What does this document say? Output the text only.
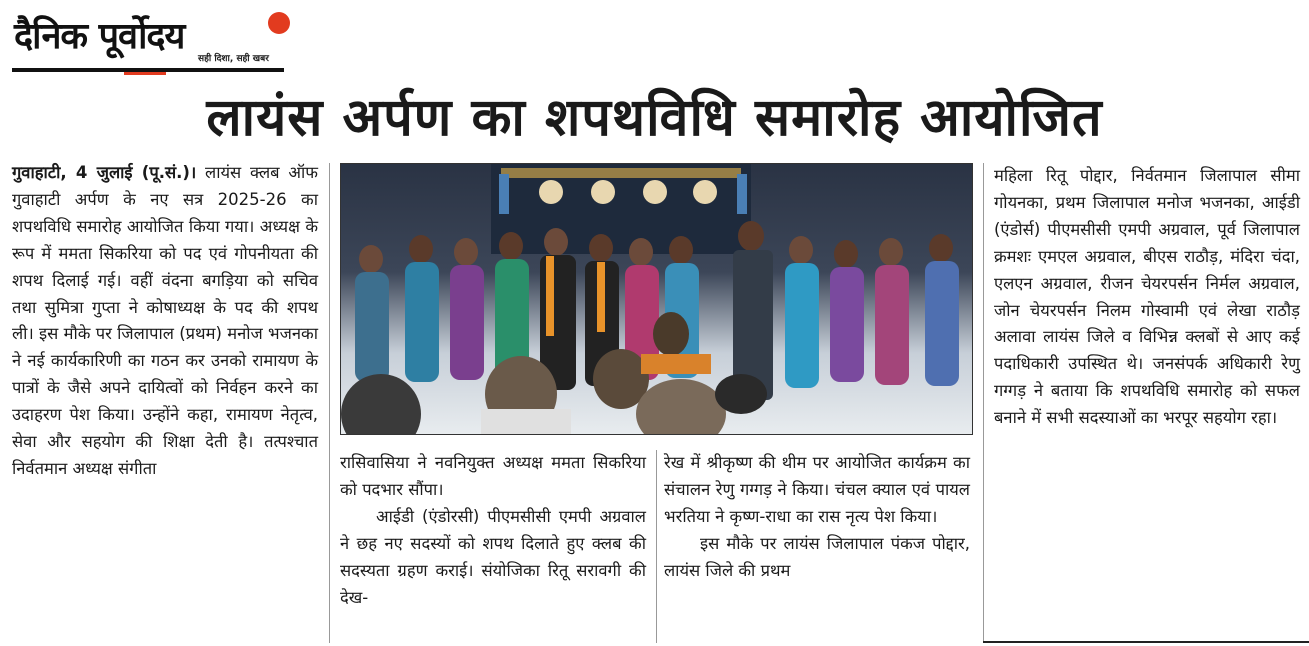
दैनिक पूर्वोदय
सही दिशा, सही खबर
लायंस अर्पण का शपथविधि समारोह आयोजित

गुवाहाटी, 4 जुलाई (पू.सं.)। लायंस क्लब ऑफ गुवाहाटी अर्पण के नए सत्र 2025-26 का शपथविधि समारोह आयोजित किया गया। अध्यक्ष के रूप में ममता सिकरिया को पद एवं गोपनीयता की शपथ दिलाई गई। वहीं वंदना बगड़िया को सचिव तथा सुमित्रा गुप्ता ने कोषाध्यक्ष के पद की शपथ ली। इस मौके पर जिलापाल (प्रथम) मनोज भजनका ने नई कार्यकारिणी का गठन कर उनको रामायण के पात्रों के जैसे अपने दायित्वों को निर्वहन करने का उदाहरण पेश किया। उन्होंने कहा, रामायण नेतृत्व, सेवा और सहयोग की शिक्षा देती है। तत्पश्चात निर्वतमान अध्यक्ष संगीता	रासिवासिया ने नवनियुक्त अध्यक्ष ममता सिकरिया को पदभार सौंपा।

आईडी (एंडोरसी) पीएमसीसी एमपी अग्रवाल ने छह नए सदस्यों को शपथ दिलाते हुए क्लब की सदस्यता ग्रहण कराई। संयोजिका रितू सरावगी की देख-

रेख में श्रीकृष्ण की थीम पर आयोजित कार्यक्रम का संचालन रेणु गग्गड़ ने किया। चंचल क्याल एवं पायल भरतिया ने कृष्ण-राधा का रास नृत्य पेश किया।

इस मौके पर लायंस जिलापाल पंकज पोद्दार, लायंस जिले की प्रथम

महिला रितू पोद्दार, निर्वतमान जिलापाल सीमा गोयनका, प्रथम जिलापाल मनोज भजनका, आईडी (एंडोर्स) पीएमसीसी एमपी अग्रवाल, पूर्व जिलापाल क्रमशः एमएल अग्रवाल, बीएस राठौड़, मंदिरा चंदा, एलएन अग्रवाल, रीजन चेयरपर्सन निर्मल अग्रवाल, जोन चेयरपर्सन निलम गोस्वामी एवं लेखा राठौड़ अलावा लायंस जिले व विभिन्न क्लबों से आए कई पदाधिकारी उपस्थित थे। जनसंपर्क अधिकारी रेणु गग्गड़ ने बताया कि शपथविधि समारोह को सफल बनाने में सभी सदस्याओं का भरपूर सहयोग रहा।
